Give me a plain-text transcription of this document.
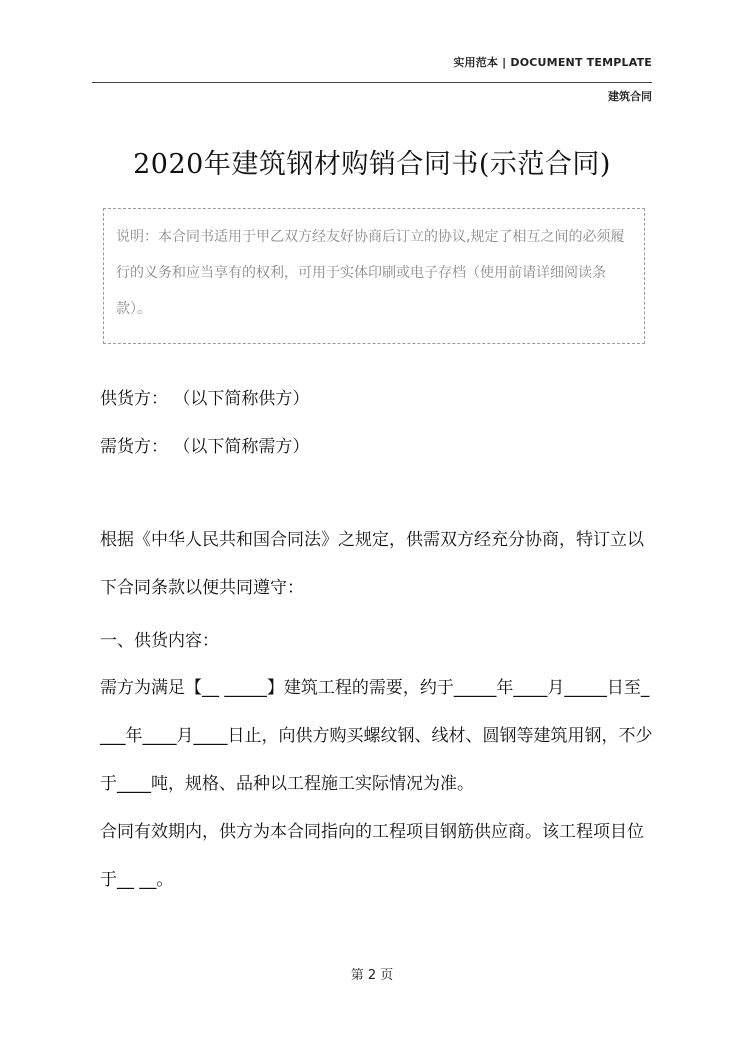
实用范本 | DOCUMENT TEMPLATE
建筑合同
2020年建筑钢材购销合同书(示范合同)
说明：本合同书适用于甲乙双方经友好协商后订立的协议,规定了相互之间的必须履行的义务和应当享有的权利，可用于实体印刷或电子存档（使用前请详细阅读条款）。
供货方： （以下简称供方）
需货方： （以下简称需方）
根据《中华人民共和国合同法》之规定，供需双方经充分协商，特订立以下合同条款以便共同遵守：
一、供货内容：
需方为满足【__ _____】建筑工程的需要，约于_____年____月_____日至____年____月____日止，向供方购买螺纹钢、线材、圆钢等建筑用钢，不少于____吨，规格、品种以工程施工实际情况为准。
合同有效期内，供方为本合同指向的工程项目钢筋供应商。该工程项目位于__ __。
第 2 页
